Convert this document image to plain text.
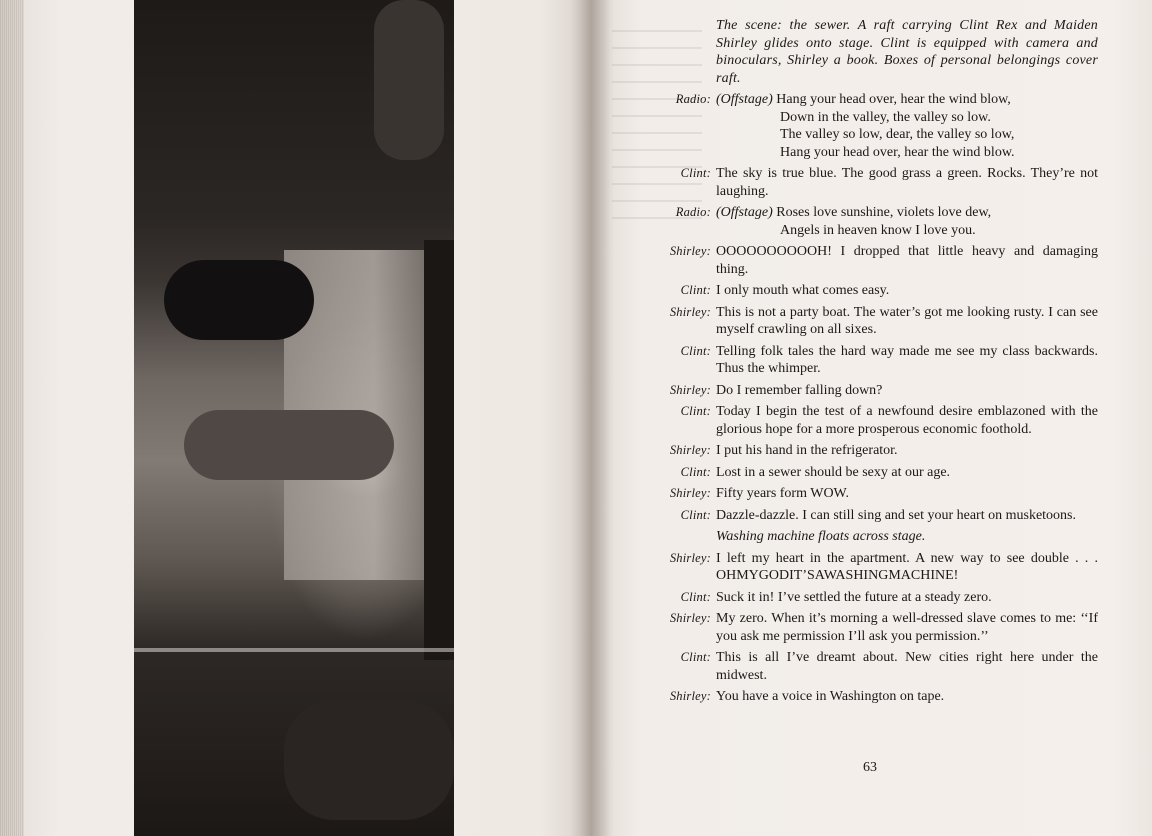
The scene: the sewer. A raft carrying Clint Rex and Maiden Shirley glides onto stage. Clint is equipped with camera and binoculars, Shirley a book. Boxes of personal belongings cover raft.
Radio: (Offstage) Hang your head over, hear the wind blow,
Down in the valley, the valley so low.
The valley so low, dear, the valley so low,
Hang your head over, hear the wind blow.
Clint: The sky is true blue. The good grass a green. Rocks. They’re not laughing.
Radio: (Offstage) Roses love sunshine, violets love dew,
Angels in heaven know I love you.
Shirley: OOOOOOOOOOH! I dropped that little heavy and damaging thing.
Clint: I only mouth what comes easy.
Shirley: This is not a party boat. The water’s got me looking rusty. I can see myself crawling on all sixes.
Clint: Telling folk tales the hard way made me see my class backwards. Thus the whimper.
Shirley: Do I remember falling down?
Clint: Today I begin the test of a newfound desire emblazoned with the glorious hope for a more prosperous economic foothold.
Shirley: I put his hand in the refrigerator.
Clint: Lost in a sewer should be sexy at our age.
Shirley: Fifty years form WOW.
Clint: Dazzle-dazzle. I can still sing and set your heart on musketoons.
Washing machine floats across stage.
Shirley: I left my heart in the apartment. A new way to see double . . . OHMYGODIT’SAWASHINGMACHINE!
Clint: Suck it in! I’ve settled the future at a steady zero.
Shirley: My zero. When it’s morning a well-dressed slave comes to me: ‘‘If you ask me permission I’ll ask you permission.’’
Clint: This is all I’ve dreamt about. New cities right here under the midwest.
Shirley: You have a voice in Washington on tape.
63
